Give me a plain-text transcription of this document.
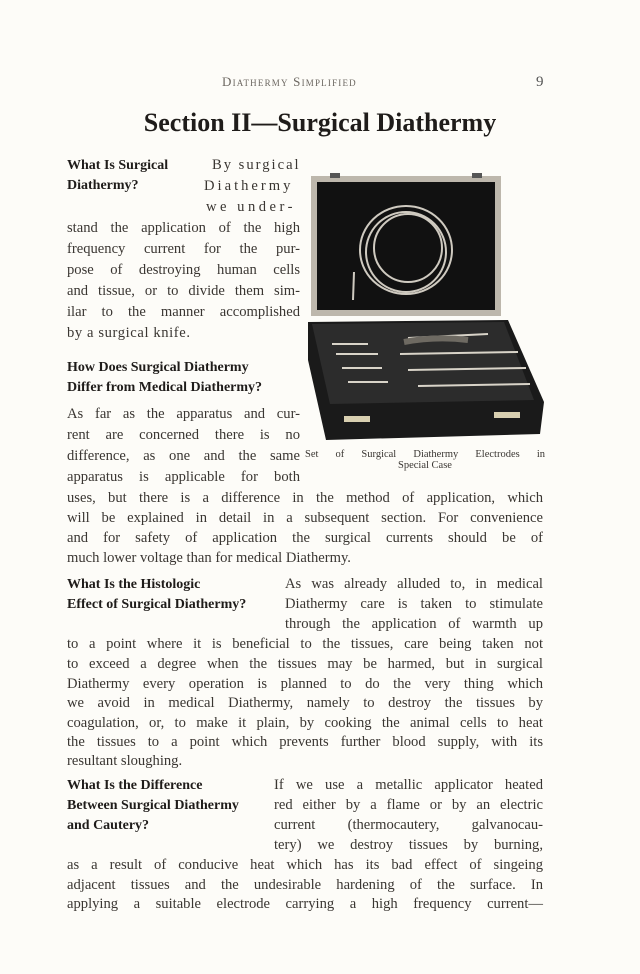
Diathermy Simplified	9
Section II—Surgical Diathermy
What Is Surgical
Diathermy?
By surgical
Diathermy
we under-
stand the application of the high
frequency current for the pur-
pose of destroying human cells
and tissue, or to divide them sim-
ilar to the manner accomplished
by a surgical knife.
Set of Surgical Diathermy Electrodes in
Special Case
How Does Surgical Diathermy
Differ from Medical Diathermy?
As far as the apparatus and cur-
rent are concerned there is no
difference, as one and the same
apparatus is applicable for both
uses, but there is a difference in the method of application, which
will be explained in detail in a subsequent section. For convenience
and for safety of application the surgical currents should be of
much lower voltage than for medical Diathermy.
What Is the Histologic
Effect of Surgical Diathermy?
As was already alluded to, in medical
Diathermy care is taken to stimulate
through the application of warmth up
to a point where it is beneficial to the tissues, care being taken not
to exceed a degree when the tissues may be harmed, but in surgical
Diathermy every operation is planned to do the very thing which
we avoid in medical Diathermy, namely to destroy the tissues by
coagulation, or, to make it plain, by cooking the animal cells to heat
the tissues to a point which prevents further blood supply, with its
resultant sloughing.
What Is the Difference
Between Surgical Diathermy
and Cautery?
If we use a metallic applicator heated
red either by a flame or by an electric
current (thermocautery, galvanocau-
tery) we destroy tissues by burning,
as a result of conducive heat which has its bad effect of singeing
adjacent tissues and the undesirable hardening of the surface. In
applying a suitable electrode carrying a high frequency current—
